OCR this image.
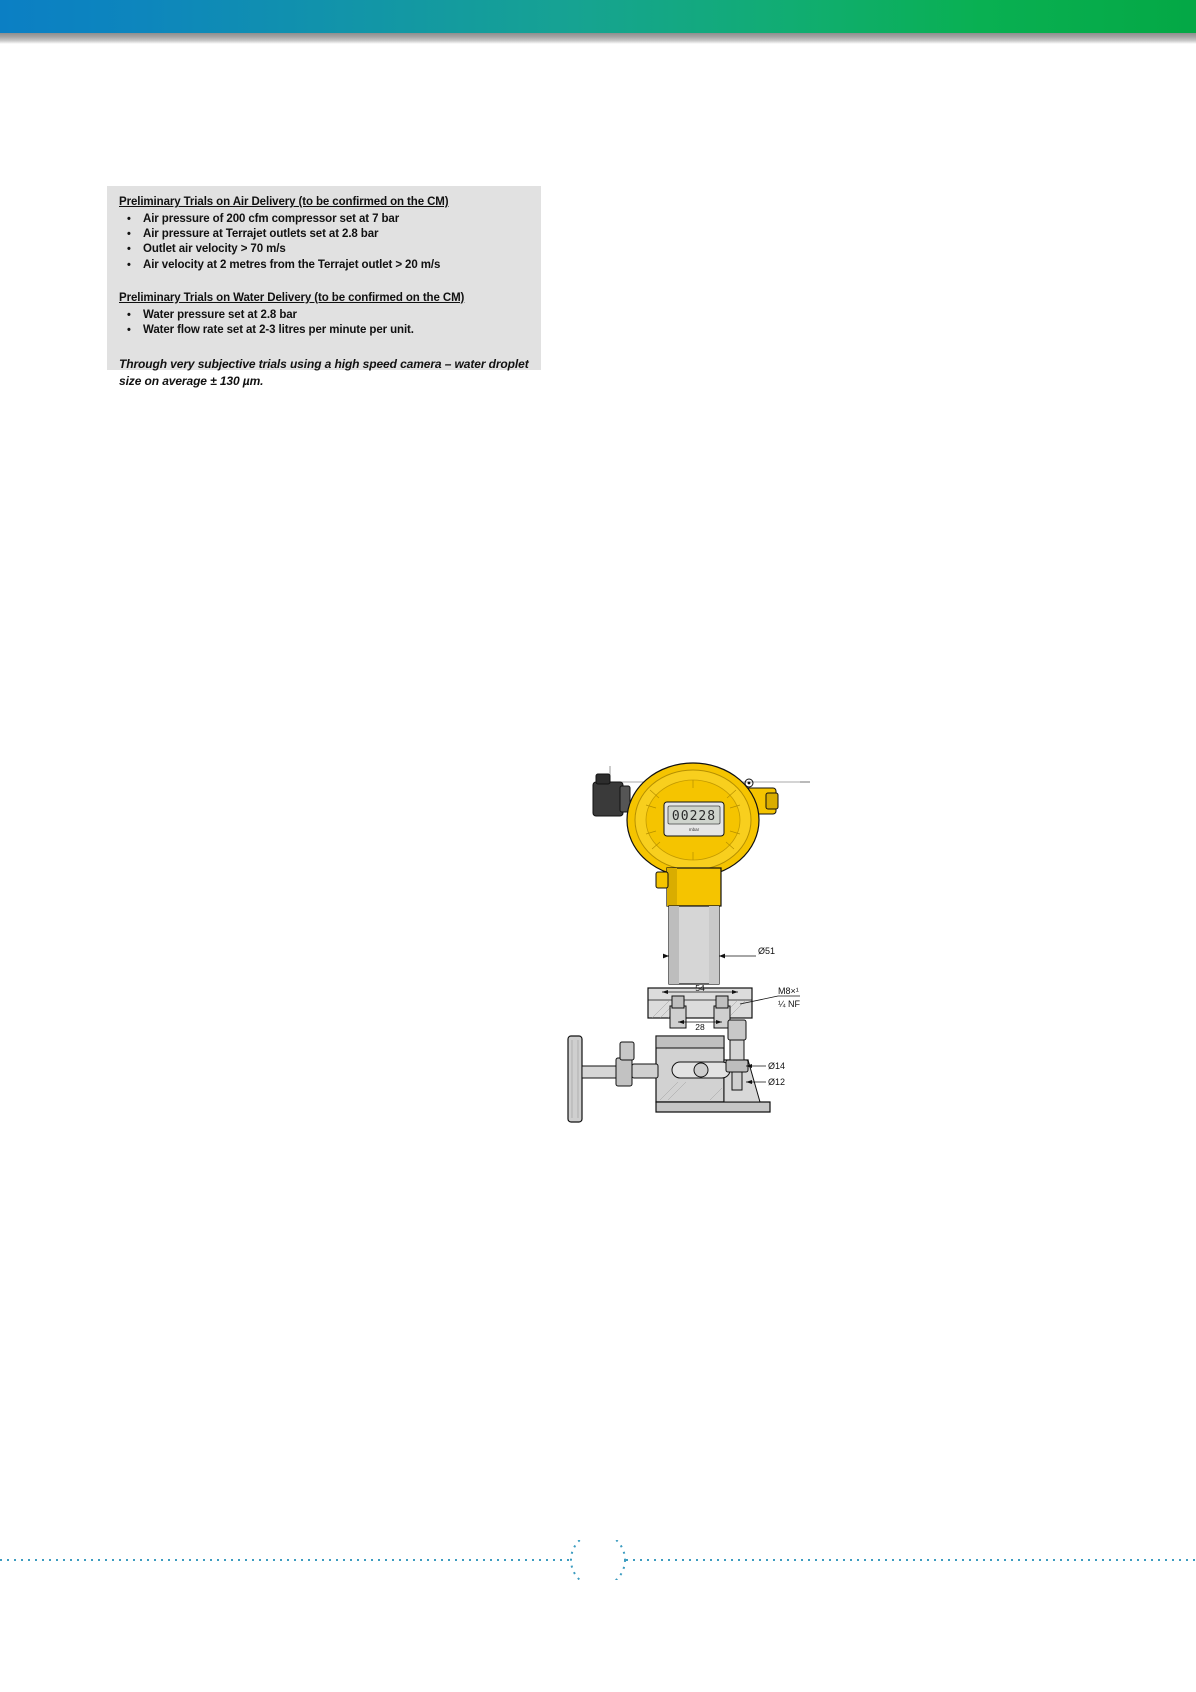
Preliminary Trials on Air Delivery (to be confirmed on the CM)
• Air pressure of 200 cfm compressor set at 7 bar
• Air pressure at Terrajet outlets set at 2.8 bar
• Outlet air velocity > 70 m/s
• Air velocity at 2 metres from the Terrajet outlet > 20 m/s
Preliminary Trials on Water Delivery (to be confirmed on the CM)
• Water pressure set at 2.8 bar
• Water flow rate set at 2-3 litres per minute per unit.
Through very subjective trials using a high speed camera – water droplet size on average ± 130 µm.
00228
mbar
Ø51
54
28
M8×¹
¼ NF
Ø14
Ø12
